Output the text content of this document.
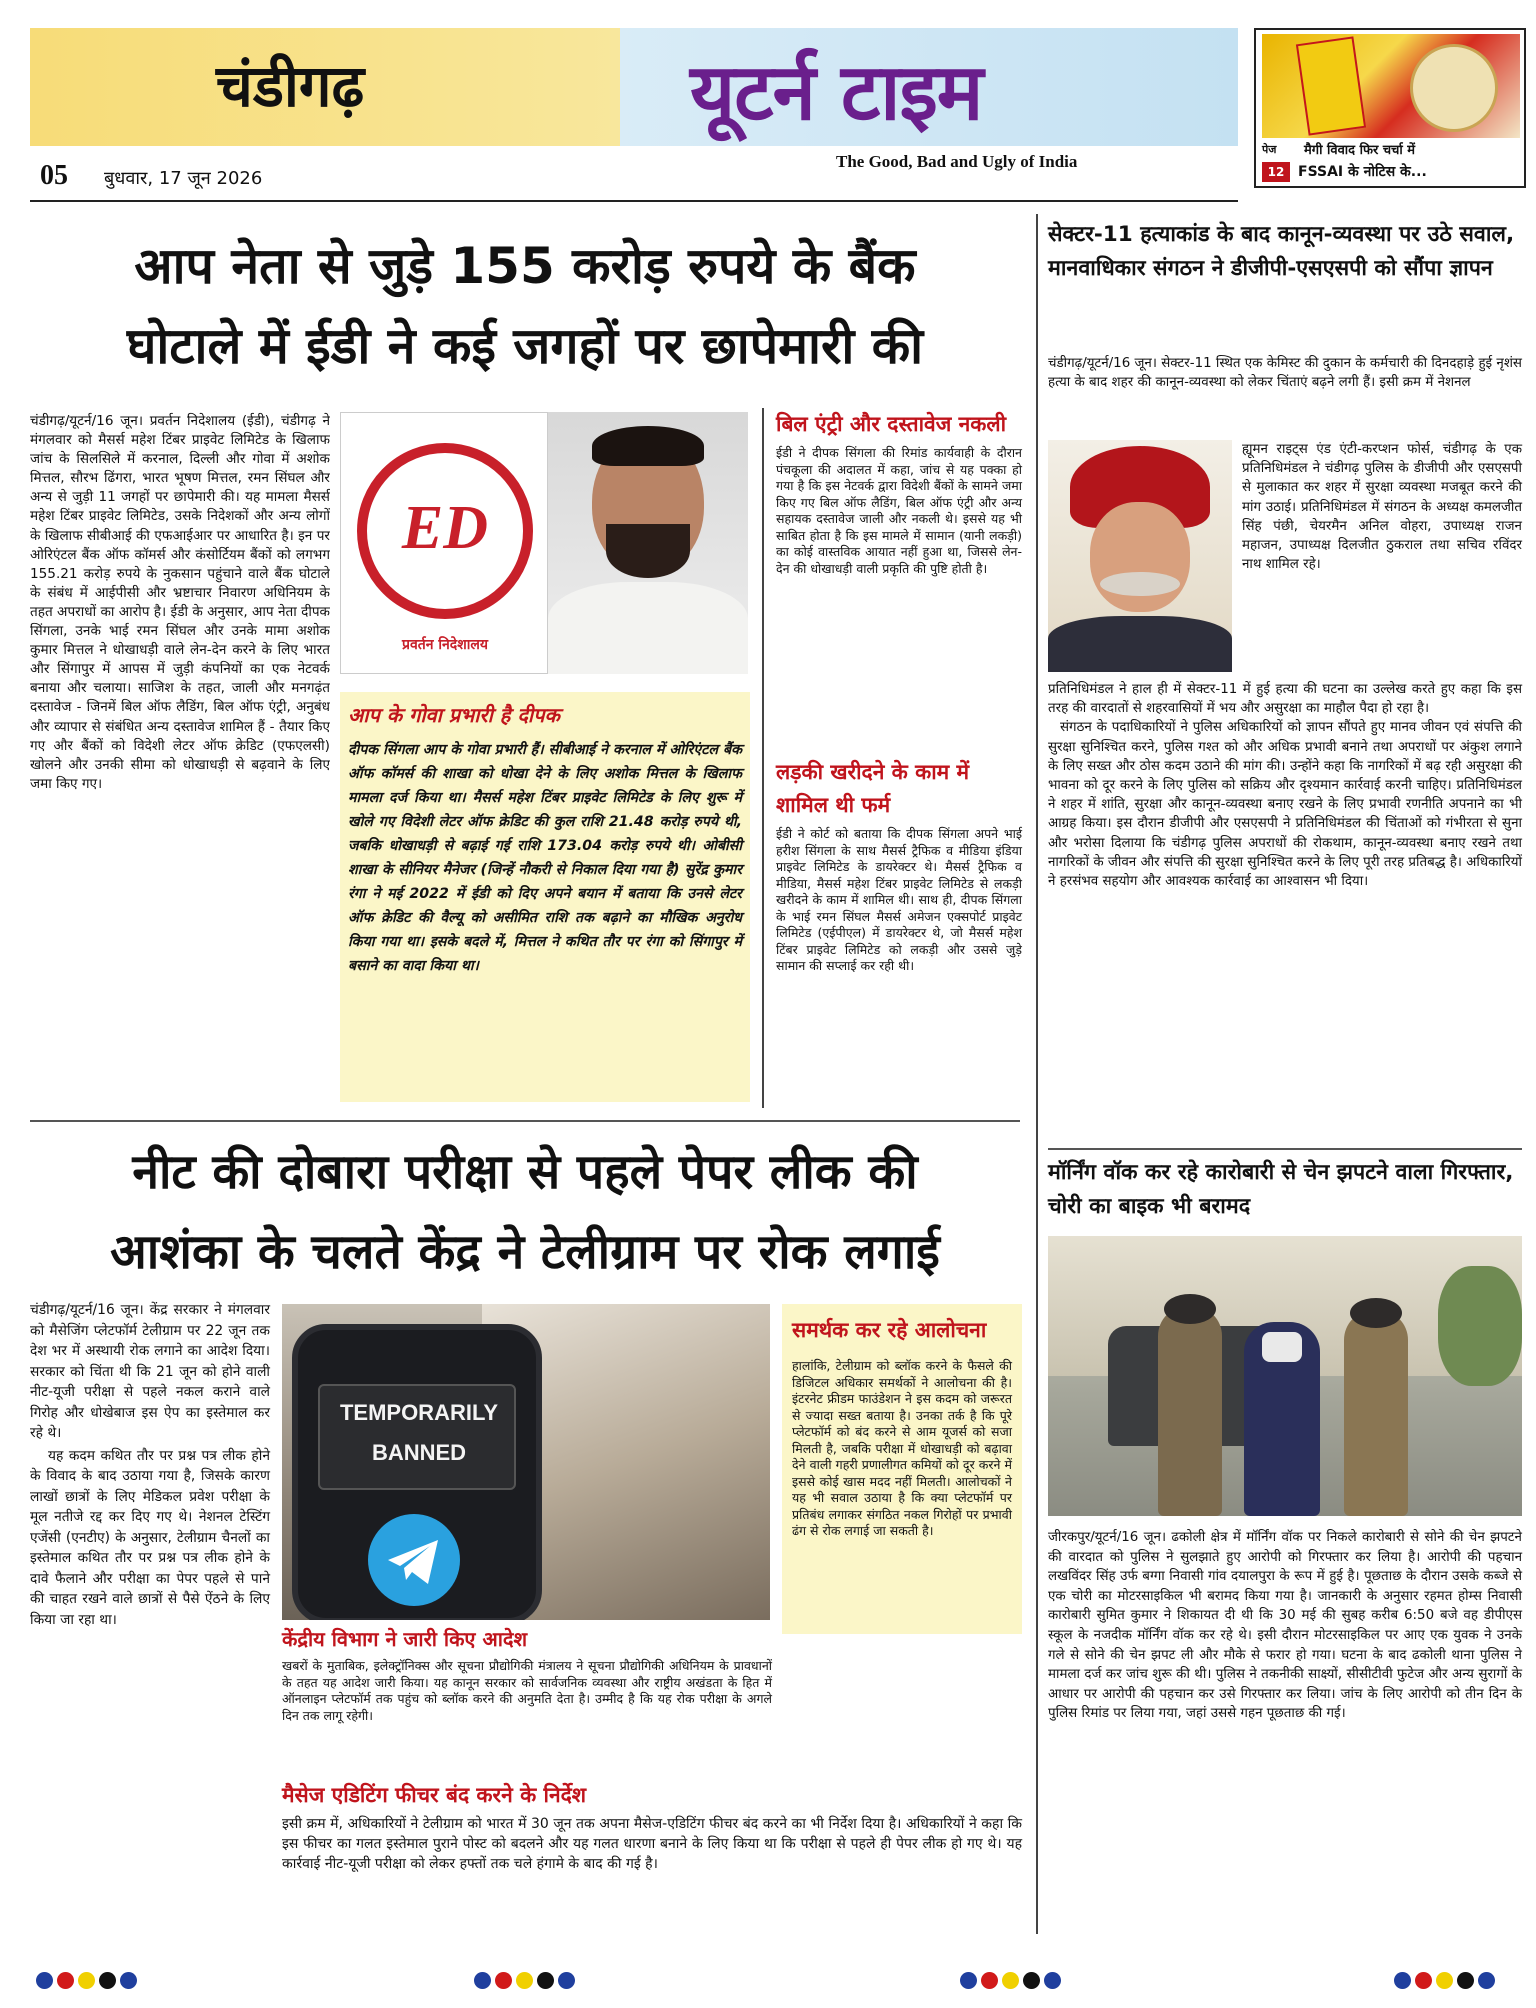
चंडीगढ़	यूटर्न टाइम
The Good, Bad and Ugly of India
05 बुधवार, 17 जून 2026
पेज मैगी विवाद फिर चर्चा में
12 FSSAI के नोटिस के...
आप नेता से जुड़े 155 करोड़ रुपये के बैंक
घोटाले में ईडी ने कई जगहों पर छापेमारी की
चंडीगढ़/यूटर्न/16 जून। प्रवर्तन निदेशालय (ईडी), चंडीगढ़ ने मंगलवार को मैसर्स महेश टिंबर प्राइवेट लिमिटेड के खिलाफ जांच के सिलसिले में करनाल, दिल्ली और गोवा में अशोक मित्तल, सौरभ ढिंगरा, भारत भूषण मित्तल, रमन सिंघल और अन्य से जुड़ी 11 जगहों पर छापेमारी की। यह मामला मैसर्स महेश टिंबर प्राइवेट लिमिटेड, उसके निदेशकों और अन्य लोगों के खिलाफ सीबीआई की एफआईआर पर आधारित है। इन पर ओरिएंटल बैंक ऑफ कॉमर्स और कंसोर्टियम बैंकों को लगभग 155.21 करोड़ रुपये के नुकसान पहुंचाने वाले बैंक घोटाले के संबंध में आईपीसी और भ्रष्टाचार निवारण अधिनियम के तहत अपराधों का आरोप है। ईडी के अनुसार, आप नेता दीपक सिंगला, उनके भाई रमन सिंघल और उनके मामा अशोक कुमार मित्तल ने धोखाधड़ी वाले लेन-देन करने के लिए भारत और सिंगापुर में आपस में जुड़ी कंपनियों का एक नेटवर्क बनाया और चलाया। साजिश के तहत, जाली और मनगढ़ंत दस्तावेज - जिनमें बिल ऑफ लैडिंग, बिल ऑफ एंट्री, अनुबंध और व्यापार से संबंधित अन्य दस्तावेज शामिल हैं - तैयार किए गए और बैंकों को विदेशी लेटर ऑफ क्रेडिट (एफएलसी) खोलने और उनकी सीमा को धोखाधड़ी से बढ़वाने के लिए जमा किए गए।
ED
प्रवर्तन निदेशालय
आप के गोवा प्रभारी है दीपक
दीपक सिंगला आप के गोवा प्रभारी हैं। सीबीआई ने करनाल में ओरिएंटल बैंक ऑफ कॉमर्स की शाखा को धोखा देने के लिए अशोक मित्तल के खिलाफ मामला दर्ज किया था। मैसर्स महेश टिंबर प्राइवेट लिमिटेड के लिए शुरू में खोले गए विदेशी लेटर ऑफ क्रेडिट की कुल राशि 21.48 करोड़ रुपये थी, जबकि धोखाधड़ी से बढ़ाई गई राशि 173.04 करोड़ रुपये थी। ओबीसी शाखा के सीनियर मैनेजर (जिन्हें नौकरी से निकाल दिया गया है) सुरेंद्र कुमार रंगा ने मई 2022 में ईडी को दिए अपने बयान में बताया कि उनसे लेटर ऑफ क्रेडिट की वैल्यू को असीमित राशि तक बढ़ाने का मौखिक अनुरोध किया गया था। इसके बदले में, मित्तल ने कथित तौर पर रंगा को सिंगापुर में बसाने का वादा किया था।
बिल एंट्री और दस्तावेज नकली
ईडी ने दीपक सिंगला की रिमांड कार्यवाही के दौरान पंचकूला की अदालत में कहा, जांच से यह पक्का हो गया है कि इस नेटवर्क द्वारा विदेशी बैंकों के सामने जमा किए गए बिल ऑफ लैडिंग, बिल ऑफ एंट्री और अन्य सहायक दस्तावेज जाली और नकली थे। इससे यह भी साबित होता है कि इस मामले में सामान (यानी लकड़ी) का कोई वास्तविक आयात नहीं हुआ था, जिससे लेन-देन की धोखाधड़ी वाली प्रकृति की पुष्टि होती है।
लड़की खरीदने के काम में शामिल थी फर्म
ईडी ने कोर्ट को बताया कि दीपक सिंगला अपने भाई हरीश सिंगला के साथ मैसर्स ट्रैफिक व मीडिया इंडिया प्राइवेट लिमिटेड के डायरेक्टर थे। मैसर्स ट्रैफिक व मीडिया, मैसर्स महेश टिंबर प्राइवेट लिमिटेड से लकड़ी खरीदने के काम में शामिल थी। साथ ही, दीपक सिंगला के भाई रमन सिंघल मैसर्स अमेजन एक्सपोर्ट प्राइवेट लिमिटेड (एईपीएल) में डायरेक्टर थे, जो मैसर्स महेश टिंबर प्राइवेट लिमिटेड को लकड़ी और उससे जुड़े सामान की सप्लाई कर रही थी।
नीट की दोबारा परीक्षा से पहले पेपर लीक की
आशंका के चलते केंद्र ने टेलीग्राम पर रोक लगाई
चंडीगढ़/यूटर्न/16 जून। केंद्र सरकार ने मंगलवार को मैसेजिंग प्लेटफॉर्म टेलीग्राम पर 22 जून तक देश भर में अस्थायी रोक लगाने का आदेश दिया। सरकार को चिंता थी कि 21 जून को होने वाली नीट-यूजी परीक्षा से पहले नकल कराने वाले गिरोह और धोखेबाज इस ऐप का इस्तेमाल कर रहे थे।
यह कदम कथित तौर पर प्रश्न पत्र लीक होने के विवाद के बाद उठाया गया है, जिसके कारण लाखों छात्रों के लिए मेडिकल प्रवेश परीक्षा के मूल नतीजे रद्द कर दिए गए थे। नेशनल टेस्टिंग एजेंसी (एनटीए) के अनुसार, टेलीग्राम चैनलों का इस्तेमाल कथित तौर पर प्रश्न पत्र लीक होने के दावे फैलाने और परीक्षा का पेपर पहले से पाने की चाहत रखने वाले छात्रों से पैसे ऐंठने के लिए किया जा रहा था।
TEMPORARILY
BANNED
केंद्रीय विभाग ने जारी किए आदेश
खबरों के मुताबिक, इलेक्ट्रॉनिक्स और सूचना प्रौद्योगिकी मंत्रालय ने सूचना प्रौद्योगिकी अधिनियम के प्रावधानों के तहत यह आदेश जारी किया। यह कानून सरकार को सार्वजनिक व्यवस्था और राष्ट्रीय अखंडता के हित में ऑनलाइन प्लेटफॉर्म तक पहुंच को ब्लॉक करने की अनुमति देता है। उम्मीद है कि यह रोक परीक्षा के अगले दिन तक लागू रहेगी।
समर्थक कर रहे आलोचना
हालांकि, टेलीग्राम को ब्लॉक करने के फैसले की डिजिटल अधिकार समर्थकों ने आलोचना की है। इंटरनेट फ्रीडम फाउंडेशन ने इस कदम को जरूरत से ज्यादा सख्त बताया है। उनका तर्क है कि पूरे प्लेटफॉर्म को बंद करने से आम यूजर्स को सजा मिलती है, जबकि परीक्षा में धोखाधड़ी को बढ़ावा देने वाली गहरी प्रणालीगत कमियों को दूर करने में इससे कोई खास मदद नहीं मिलती। आलोचकों ने यह भी सवाल उठाया है कि क्या प्लेटफॉर्म पर प्रतिबंध लगाकर संगठित नकल गिरोहों पर प्रभावी ढंग से रोक लगाई जा सकती है।
मैसेज एडिटिंग फीचर बंद करने के निर्देश
इसी क्रम में, अधिकारियों ने टेलीग्राम को भारत में 30 जून तक अपना मैसेज-एडिटिंग फीचर बंद करने का भी निर्देश दिया है। अधिकारियों ने कहा कि इस फीचर का गलत इस्तेमाल पुराने पोस्ट को बदलने और यह गलत धारणा बनाने के लिए किया था कि परीक्षा से पहले ही पेपर लीक हो गए थे। यह कार्रवाई नीट-यूजी परीक्षा को लेकर हफ्तों तक चले हंगामे के बाद की गई है।
सेक्टर-11 हत्याकांड के बाद कानून-व्यवस्था पर उठे सवाल, मानवाधिकार संगठन ने डीजीपी-एसएसपी को सौंपा ज्ञापन
चंडीगढ़/यूटर्न/16 जून। सेक्टर-11 स्थित एक केमिस्ट की दुकान के कर्मचारी की दिनदहाड़े हुई नृशंस हत्या के बाद शहर की कानून-व्यवस्था को लेकर चिंताएं बढ़ने लगी हैं। इसी क्रम में नेशनल
ह्यूमन राइट्स एंड एंटी-करप्शन फोर्स, चंडीगढ़ के एक प्रतिनिधिमंडल ने चंडीगढ़ पुलिस के डीजीपी और एसएसपी से मुलाकात कर शहर में सुरक्षा व्यवस्था मजबूत करने की मांग उठाई। प्रतिनिधिमंडल में संगठन के अध्यक्ष कमलजीत सिंह पंछी, चेयरमैन अनिल वोहरा, उपाध्यक्ष राजन महाजन, उपाध्यक्ष दिलजीत ठुकराल तथा सचिव रविंदर नाथ शामिल रहे।
प्रतिनिधिमंडल ने हाल ही में सेक्टर-11 में हुई हत्या की घटना का उल्लेख करते हुए कहा कि इस तरह की वारदातों से शहरवासियों में भय और असुरक्षा का माहौल पैदा हो रहा है।
संगठन के पदाधिकारियों ने पुलिस अधिकारियों को ज्ञापन सौंपते हुए मानव जीवन एवं संपत्ति की सुरक्षा सुनिश्चित करने, पुलिस गश्त को और अधिक प्रभावी बनाने तथा अपराधों पर अंकुश लगाने के लिए सख्त और ठोस कदम उठाने की मांग की। उन्होंने कहा कि नागरिकों में बढ़ रही असुरक्षा की भावना को दूर करने के लिए पुलिस को सक्रिय और दृश्यमान कार्रवाई करनी चाहिए। प्रतिनिधिमंडल ने शहर में शांति, सुरक्षा और कानून-व्यवस्था बनाए रखने के लिए प्रभावी रणनीति अपनाने का भी आग्रह किया। इस दौरान डीजीपी और एसएसपी ने प्रतिनिधिमंडल की चिंताओं को गंभीरता से सुना और भरोसा दिलाया कि चंडीगढ़ पुलिस अपराधों की रोकथाम, कानून-व्यवस्था बनाए रखने तथा नागरिकों के जीवन और संपत्ति की सुरक्षा सुनिश्चित करने के लिए पूरी तरह प्रतिबद्ध है। अधिकारियों ने हरसंभव सहयोग और आवश्यक कार्रवाई का आश्वासन भी दिया।
मॉर्निंग वॉक कर रहे कारोबारी से चेन झपटने वाला गिरफ्तार, चोरी का बाइक भी बरामद
जीरकपुर/यूटर्न/16 जून। ढकोली क्षेत्र में मॉर्निंग वॉक पर निकले कारोबारी से सोने की चेन झपटने की वारदात को पुलिस ने सुलझाते हुए आरोपी को गिरफ्तार कर लिया है। आरोपी की पहचान लखविंदर सिंह उर्फ बग्गा निवासी गांव दयालपुरा के रूप में हुई है। पूछताछ के दौरान उसके कब्जे से एक चोरी का मोटरसाइकिल भी बरामद किया गया है। जानकारी के अनुसार रहमत होम्स निवासी कारोबारी सुमित कुमार ने शिकायत दी थी कि 30 मई की सुबह करीब 6:50 बजे वह डीपीएस स्कूल के नजदीक मॉर्निंग वॉक कर रहे थे। इसी दौरान मोटरसाइकिल पर आए एक युवक ने उनके गले से सोने की चेन झपट ली और मौके से फरार हो गया। घटना के बाद ढकोली थाना पुलिस ने मामला दर्ज कर जांच शुरू की थी। पुलिस ने तकनीकी साक्ष्यों, सीसीटीवी फुटेज और अन्य सुरागों के आधार पर आरोपी की पहचान कर उसे गिरफ्तार कर लिया। जांच के लिए आरोपी को तीन दिन के पुलिस रिमांड पर लिया गया, जहां उससे गहन पूछताछ की गई।
